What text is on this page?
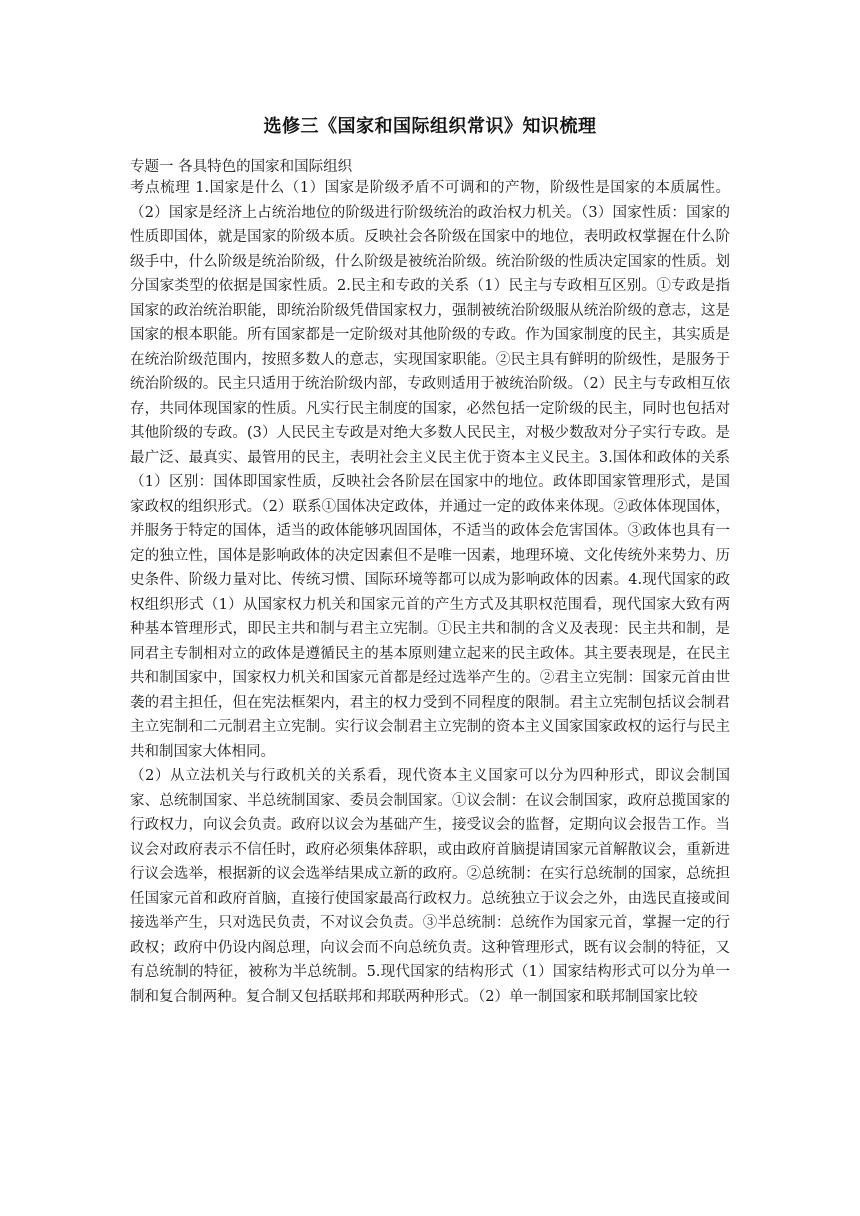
选修三《国家和国际组织常识》知识梳理
专题一 各具特色的国家和国际组织

考点梳理 1.国家是什么（1）国家是阶级矛盾不可调和的产物，阶级性是国家的本质属性。（2）国家是经济上占统治地位的阶级进行阶级统治的政治权力机关。（3）国家性质：国家的性质即国体，就是国家的阶级本质。反映社会各阶级在国家中的地位，表明政权掌握在什么阶级手中，什么阶级是统治阶级，什么阶级是被统治阶级。统治阶级的性质决定国家的性质。划分国家类型的依据是国家性质。2.民主和专政的关系（1）民主与专政相互区别。①专政是指国家的政治统治职能，即统治阶级凭借国家权力，强制被统治阶级服从统治阶级的意志，这是国家的根本职能。所有国家都是一定阶级对其他阶级的专政。作为国家制度的民主，其实质是在统治阶级范围内，按照多数人的意志，实现国家职能。②民主具有鲜明的阶级性，是服务于统治阶级的。民主只适用于统治阶级内部，专政则适用于被统治阶级。（2）民主与专政相互依存，共同体现国家的性质。凡实行民主制度的国家，必然包括一定阶级的民主，同时也包括对其他阶级的专政。(3）人民民主专政是对绝大多数人民民主，对极少数敌对分子实行专政。是最广泛、最真实、最管用的民主，表明社会主义民主优于资本主义民主。3.国体和政体的关系（1）区别：国体即国家性质，反映社会各阶层在国家中的地位。政体即国家管理形式，是国家政权的组织形式。（2）联系①国体决定政体，并通过一定的政体来体现。②政体体现国体，并服务于特定的国体，适当的政体能够巩固国体，不适当的政体会危害国体。③政体也具有一定的独立性，国体是影响政体的决定因素但不是唯一因素，地理环境、文化传统外来势力、历史条件、阶级力量对比、传统习惯、国际环境等都可以成为影响政体的因素。4.现代国家的政权组织形式（1）从国家权力机关和国家元首的产生方式及其职权范围看，现代国家大致有两种基本管理形式，即民主共和制与君主立宪制。①民主共和制的含义及表现：民主共和制，是同君主专制相对立的政体是遵循民主的基本原则建立起来的民主政体。其主要表现是，在民主共和制国家中，国家权力机关和国家元首都是经过选举产生的。②君主立宪制：国家元首由世袭的君主担任，但在宪法框架内，君主的权力受到不同程度的限制。君主立宪制包括议会制君主立宪制和二元制君主立宪制。实行议会制君主立宪制的资本主义国家国家政权的运行与民主共和制国家大体相同。

（2）从立法机关与行政机关的关系看，现代资本主义国家可以分为四种形式，即议会制国家、总统制国家、半总统制国家、委员会制国家。①议会制：在议会制国家，政府总揽国家的行政权力，向议会负责。政府以议会为基础产生，接受议会的监督，定期向议会报告工作。当议会对政府表示不信任时，政府必须集体辞职，或由政府首脑提请国家元首解散议会，重新进行议会选举，根据新的议会选举结果成立新的政府。②总统制：在实行总统制的国家，总统担任国家元首和政府首脑，直接行使国家最高行政权力。总统独立于议会之外，由选民直接或间接选举产生，只对选民负责，不对议会负责。③半总统制：总统作为国家元首，掌握一定的行政权；政府中仍设内阁总理，向议会而不向总统负责。这种管理形式，既有议会制的特征，又有总统制的特征，被称为半总统制。5.现代国家的结构形式（1）国家结构形式可以分为单一制和复合制两种。复合制又包括联邦和邦联两种形式。（2）单一制国家和联邦制国家比较
